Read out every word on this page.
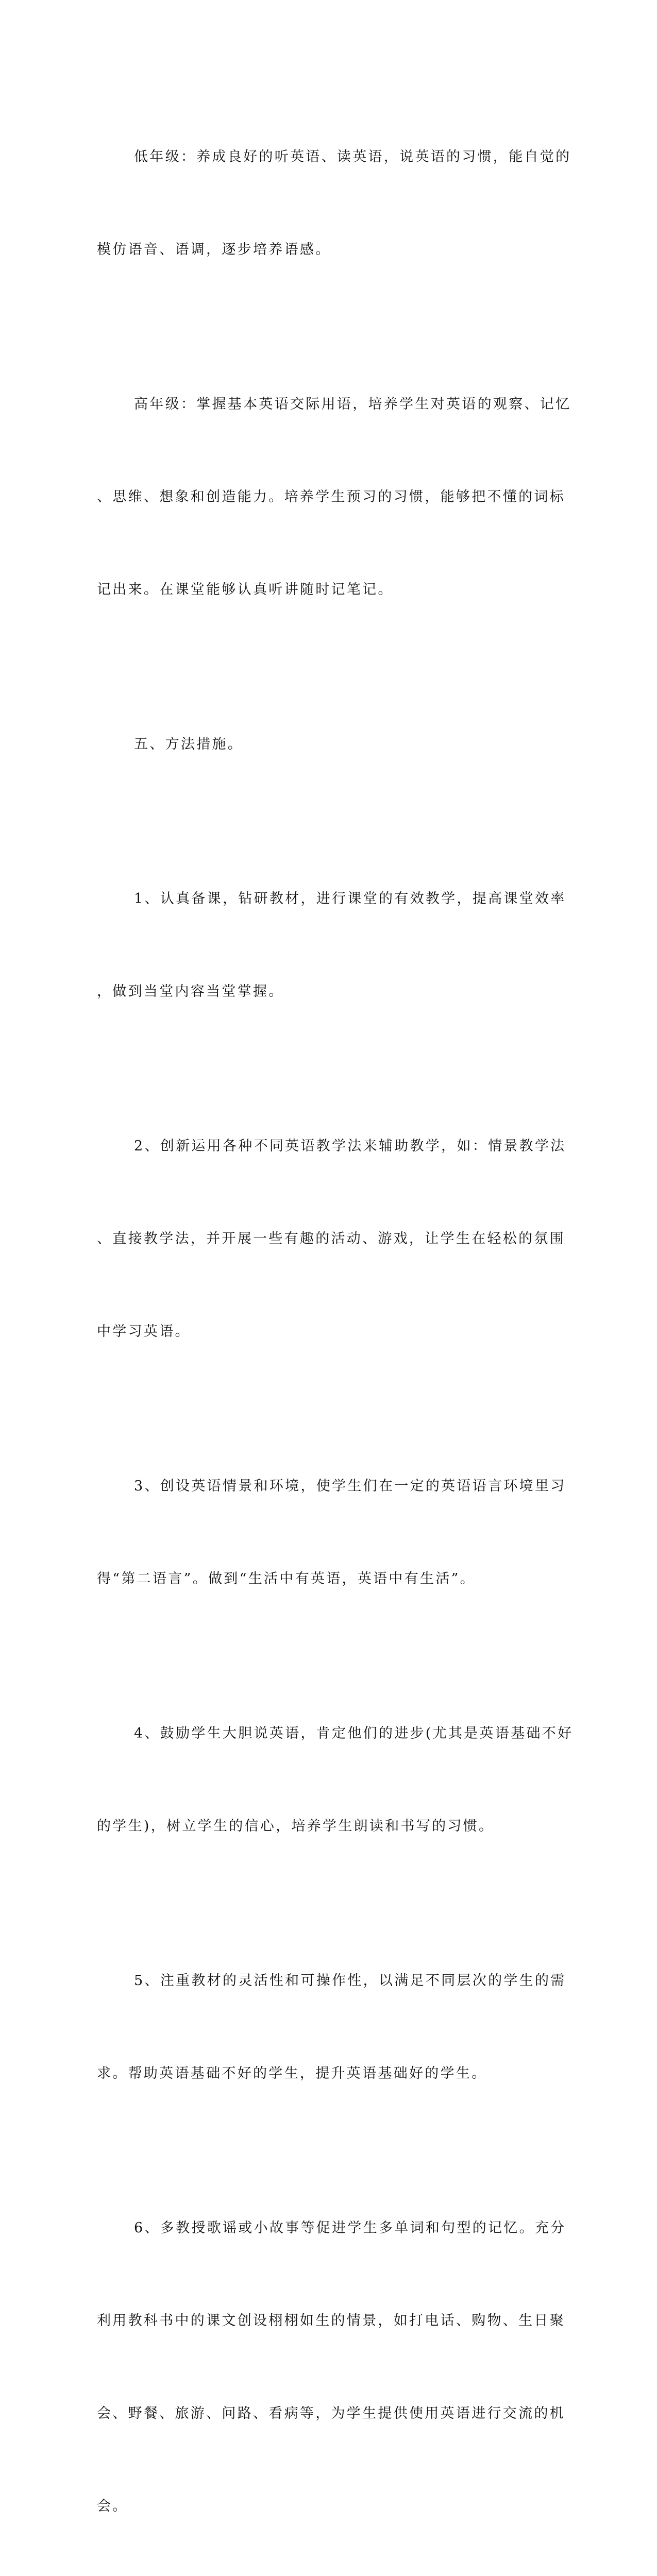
低年级：养成良好的听英语、读英语，说英语的习惯，能自觉的

模仿语音、语调，逐步培养语感。

高年级：掌握基本英语交际用语，培养学生对英语的观察、记忆

、思维、想象和创造能力。培养学生预习的习惯，能够把不懂的词标

记出来。在课堂能够认真听讲随时记笔记。

五、方法措施。

1、认真备课，钻研教材，进行课堂的有效教学，提高课堂效率

，做到当堂内容当堂掌握。

2、创新运用各种不同英语教学法来辅助教学，如：情景教学法

、直接教学法，并开展一些有趣的活动、游戏，让学生在轻松的氛围

中学习英语。

3、创设英语情景和环境，使学生们在一定的英语语言环境里习

得“第二语言”。做到“生活中有英语，英语中有生活”。

4、鼓励学生大胆说英语，肯定他们的进步(尤其是英语基础不好

的学生)，树立学生的信心，培养学生朗读和书写的习惯。

5、注重教材的灵活性和可操作性，以满足不同层次的学生的需

求。帮助英语基础不好的学生，提升英语基础好的学生。

6、多教授歌谣或小故事等促进学生多单词和句型的记忆。充分

利用教科书中的课文创设栩栩如生的情景，如打电话、购物、生日聚

会、野餐、旅游、问路、看病等，为学生提供使用英语进行交流的机

会。
